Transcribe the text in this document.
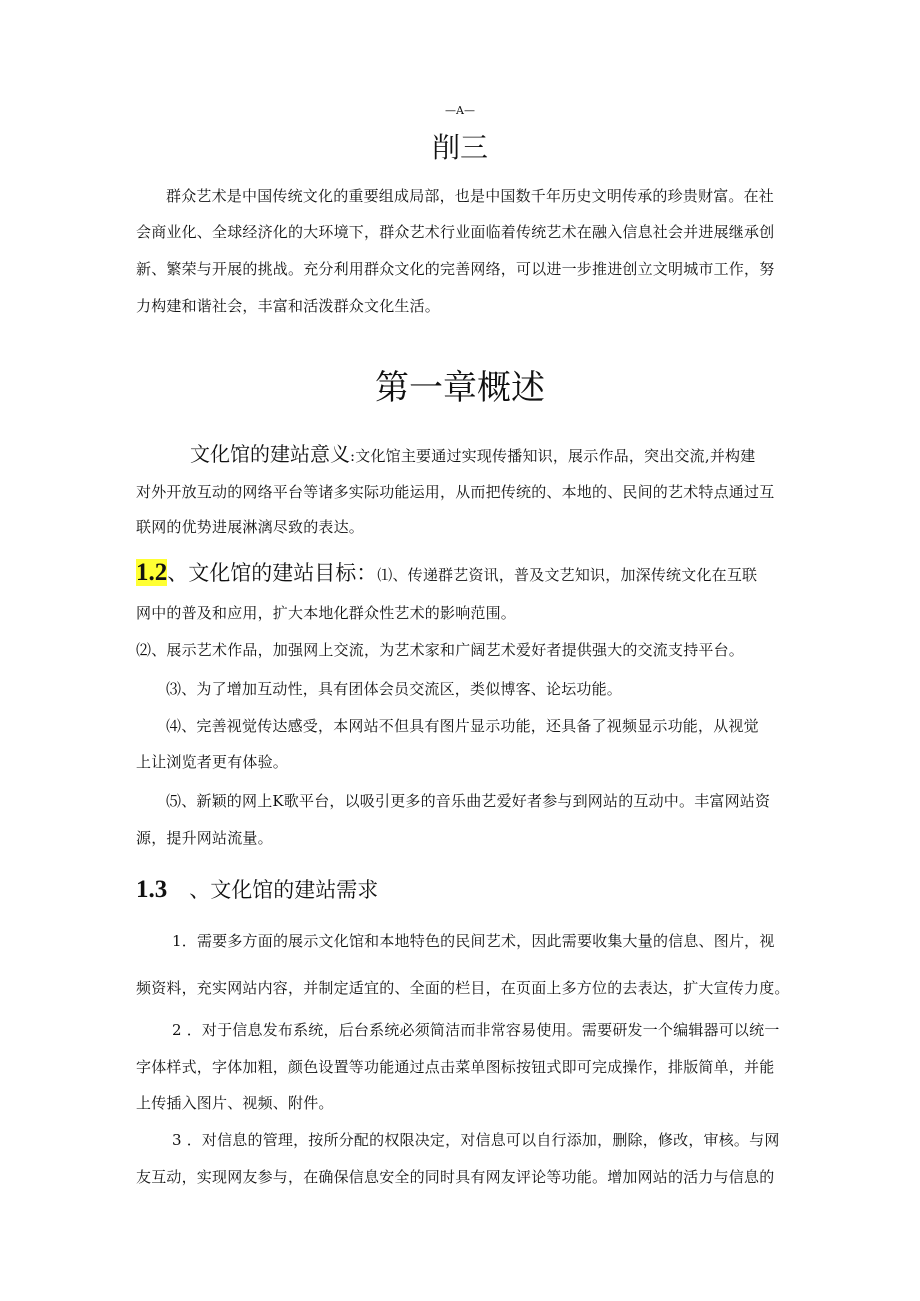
—A—
削三
群众艺术是中国传统文化的重要组成局部，也是中国数千年历史文明传承的珍贵财富。在社
会商业化、全球经济化的大环境下，群众艺术行业面临着传统艺术在融入信息社会并进展继承创
新、繁荣与开展的挑战。充分利用群众文化的完善网络，可以进一步推进创立文明城市工作，努
力构建和谐社会，丰富和活泼群众文化生活。
第一章概述
文化馆的建站意义:文化馆主要通过实现传播知识，展示作品，突出交流,并构建
对外开放互动的网络平台等诸多实际功能运用，从而把传统的、本地的、民间的艺术特点通过互
联网的优势进展淋漓尽致的表达。
1.2、文化馆的建站目标：⑴、传递群艺资讯，普及文艺知识，加深传统文化在互联
网中的普及和应用，扩大本地化群众性艺术的影响范围。
⑵、展示艺术作品，加强网上交流，为艺术家和广阔艺术爱好者提供强大的交流支持平台。
⑶、为了增加互动性，具有团体会员交流区，类似博客、论坛功能。
⑷、完善视觉传达感受，本网站不但具有图片显示功能，还具备了视频显示功能，从视觉
上让浏览者更有体验。
⑸、新颖的网上K歌平台，以吸引更多的音乐曲艺爱好者参与到网站的互动中。丰富网站资
源，提升网站流量。
1.3 、文化馆的建站需求
1．需要多方面的展示文化馆和本地特色的民间艺术，因此需要收集大量的信息、图片，视
频资料，充实网站内容，并制定适宜的、全面的栏目，在页面上多方位的去表达，扩大宣传力度。
2 ．对于信息发布系统，后台系统必须简洁而非常容易使用。需要研发一个编辑器可以统一
字体样式，字体加粗，颜色设置等功能通过点击菜单图标按钮式即可完成操作，排版简单，并能
上传插入图片、视频、附件。
3 ．对信息的管理，按所分配的权限决定，对信息可以自行添加，删除，修改，审核。与网
友互动，实现网友参与，在确保信息安全的同时具有网友评论等功能。增加网站的活力与信息的
